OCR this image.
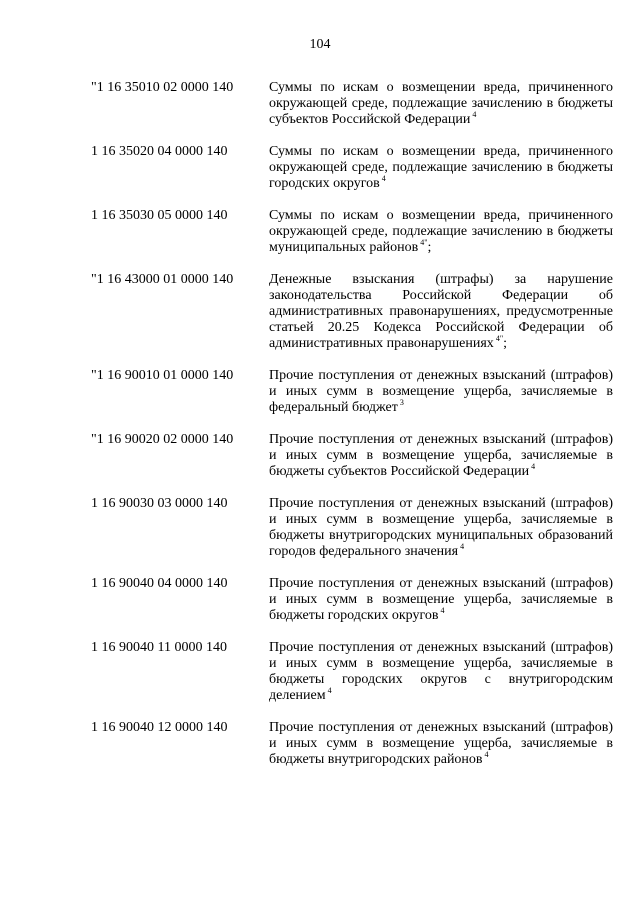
104
"1 16 35010 02 0000 140	Суммы по искам о возмещении вреда, причиненного окружающей среде, подлежащие зачислению в бюджеты субъектов Российской Федерации $^4$
1 16 35020 04 0000 140	Суммы по искам о возмещении вреда, причиненного окружающей среде, подлежащие зачислению в бюджеты городских округов $^4$
1 16 35030 05 0000 140	Суммы по искам о возмещении вреда, причиненного окружающей среде, подлежащие зачислению в бюджеты муниципальных районов $^{4"}$;
"1 16 43000 01 0000 140	Денежные взыскания (штрафы) за нарушение законодательства Российской Федерации об административных правонарушениях, предусмотренные статьей 20.25 Кодекса Российской Федерации об административных правонарушениях $^{4"}$;
"1 16 90010 01 0000 140	Прочие поступления от денежных взысканий (штрафов) и иных сумм в возмещение ущерба, зачисляемые в федеральный бюджет $^3$
"1 16 90020 02 0000 140	Прочие поступления от денежных взысканий (штрафов) и иных сумм в возмещение ущерба, зачисляемые в бюджеты субъектов Российской Федерации $^4$
1 16 90030 03 0000 140	Прочие поступления от денежных взысканий (штрафов) и иных сумм в возмещение ущерба, зачисляемые в бюджеты внутригородских муниципальных образований городов федерального значения $^4$
1 16 90040 04 0000 140	Прочие поступления от денежных взысканий (штрафов) и иных сумм в возмещение ущерба, зачисляемые в бюджеты городских округов $^4$
1 16 90040 11 0000 140	Прочие поступления от денежных взысканий (штрафов) и иных сумм в возмещение ущерба, зачисляемые в бюджеты городских округов с внутригородским делением $^4$
1 16 90040 12 0000 140	Прочие поступления от денежных взысканий (штрафов) и иных сумм в возмещение ущерба, зачисляемые в бюджеты внутригородских районов $^4$
